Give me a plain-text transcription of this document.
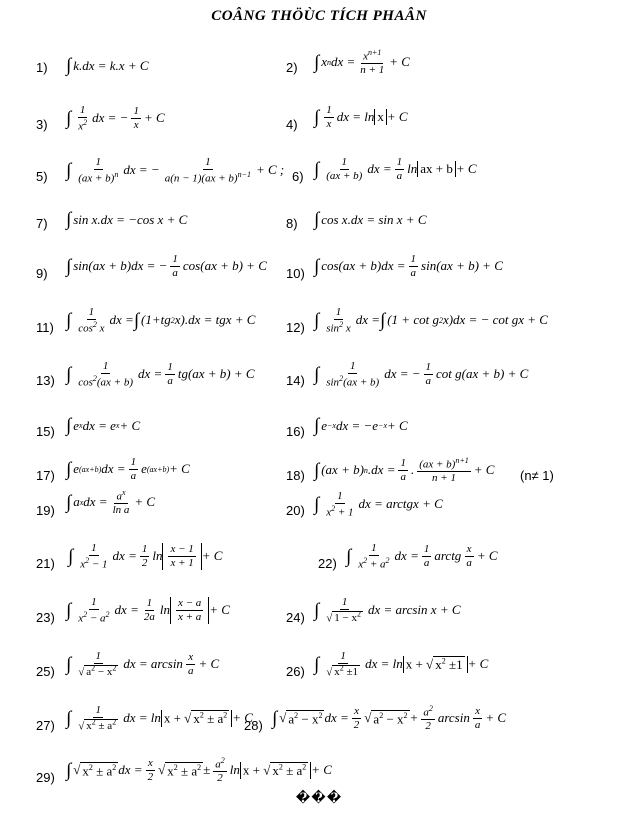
COÂNG THÖÙC TÍCH PHAÂN
1) ∫ k.dx = k.x + C	2) ∫ x n dx = $x^{n+1}$
n + 1
+ C
3) ∫ 1
$x^2$ dx = − 1
x + C	4) ∫ 1
x dx = ln x + C
5) ∫ 1
(ax + b)$^n$ dx = −
1
a(n − 1)(ax + b)$^{n-1}$ + C ; 6) ∫ 1
(ax + b) dx = 1
a ln ax + b + C
7) ∫ sin x.dx = −cos x + C	8) ∫ cos x.dx = sin x + C
9) ∫ sin(ax + b)dx = − 1
a cos(ax + b) + C
10) ∫ cos(ax + b)dx = 1
a sin(ax + b) + C
11) ∫ 1
$\cos^2 x$
dx = ∫ (1+tg 2 x).dx = tgx + C
12) ∫ 1
$\sin^2 x$
dx = ∫ (1 + cot g 2 x)dx = − cot gx + C
13) ∫	1
$\cos^2(ax + b)$
dx = 1
a tg(ax + b) + C 14) ∫	1
$\sin^2(ax + b)$
dx = − 1
a cot g(ax + b) + C
15) ∫ e x dx = e x + C	16) ∫ e −x dx = −e −x + C
17) ∫ e (ax+b) dx = 1
a e (ax+b) + C	18) ∫ (ax + b) n .dx = 1
a . (ax + b)$^{n+1}$
n + 1
+ C (n≠ 1)
19) ∫ a x dx = $a^x$
ln a
+ C
20) ∫ 1
$x^2 + 1$
dx = arctgx + C
21) ∫ 1
$x^2 - 1$
dx = 1
2 $\ln \frac{x - 1}{x + 1} + C$
22) ∫ 1
$x^2 + a^2$ dx = 1
a arctg x
a + C
23) ∫ 1
$x^2 - a^2$ dx = 1
2a $\ln \frac{x - a}{x + a} + C$
24) ∫ 1
√ $1 - x^2$ dx = arcsin x + C
25) ∫ 1
√ $a^2 - x^2$ dx = arcsin x
a + C
26) ∫ 1
√ $x^2 \pm 1$
dx = ln x + √ $x^2 \pm 1 + C$
27) ∫ 1
√ $x^2 \pm a^2$ dx = ln x + √ $x^2 \pm a^2 + C$
28) ∫ √ $a^2 - x^2$ dx = x
2 √ $a^2 - x^2 + a^2$
2
arcsin x
a + C
29) ∫ √ $x^2 \pm a^2$ dx = x
2 √ $x^2 \pm a^2 \pm a^2$
2
ln x + √ $x^2 \pm a^2 + C$
���
